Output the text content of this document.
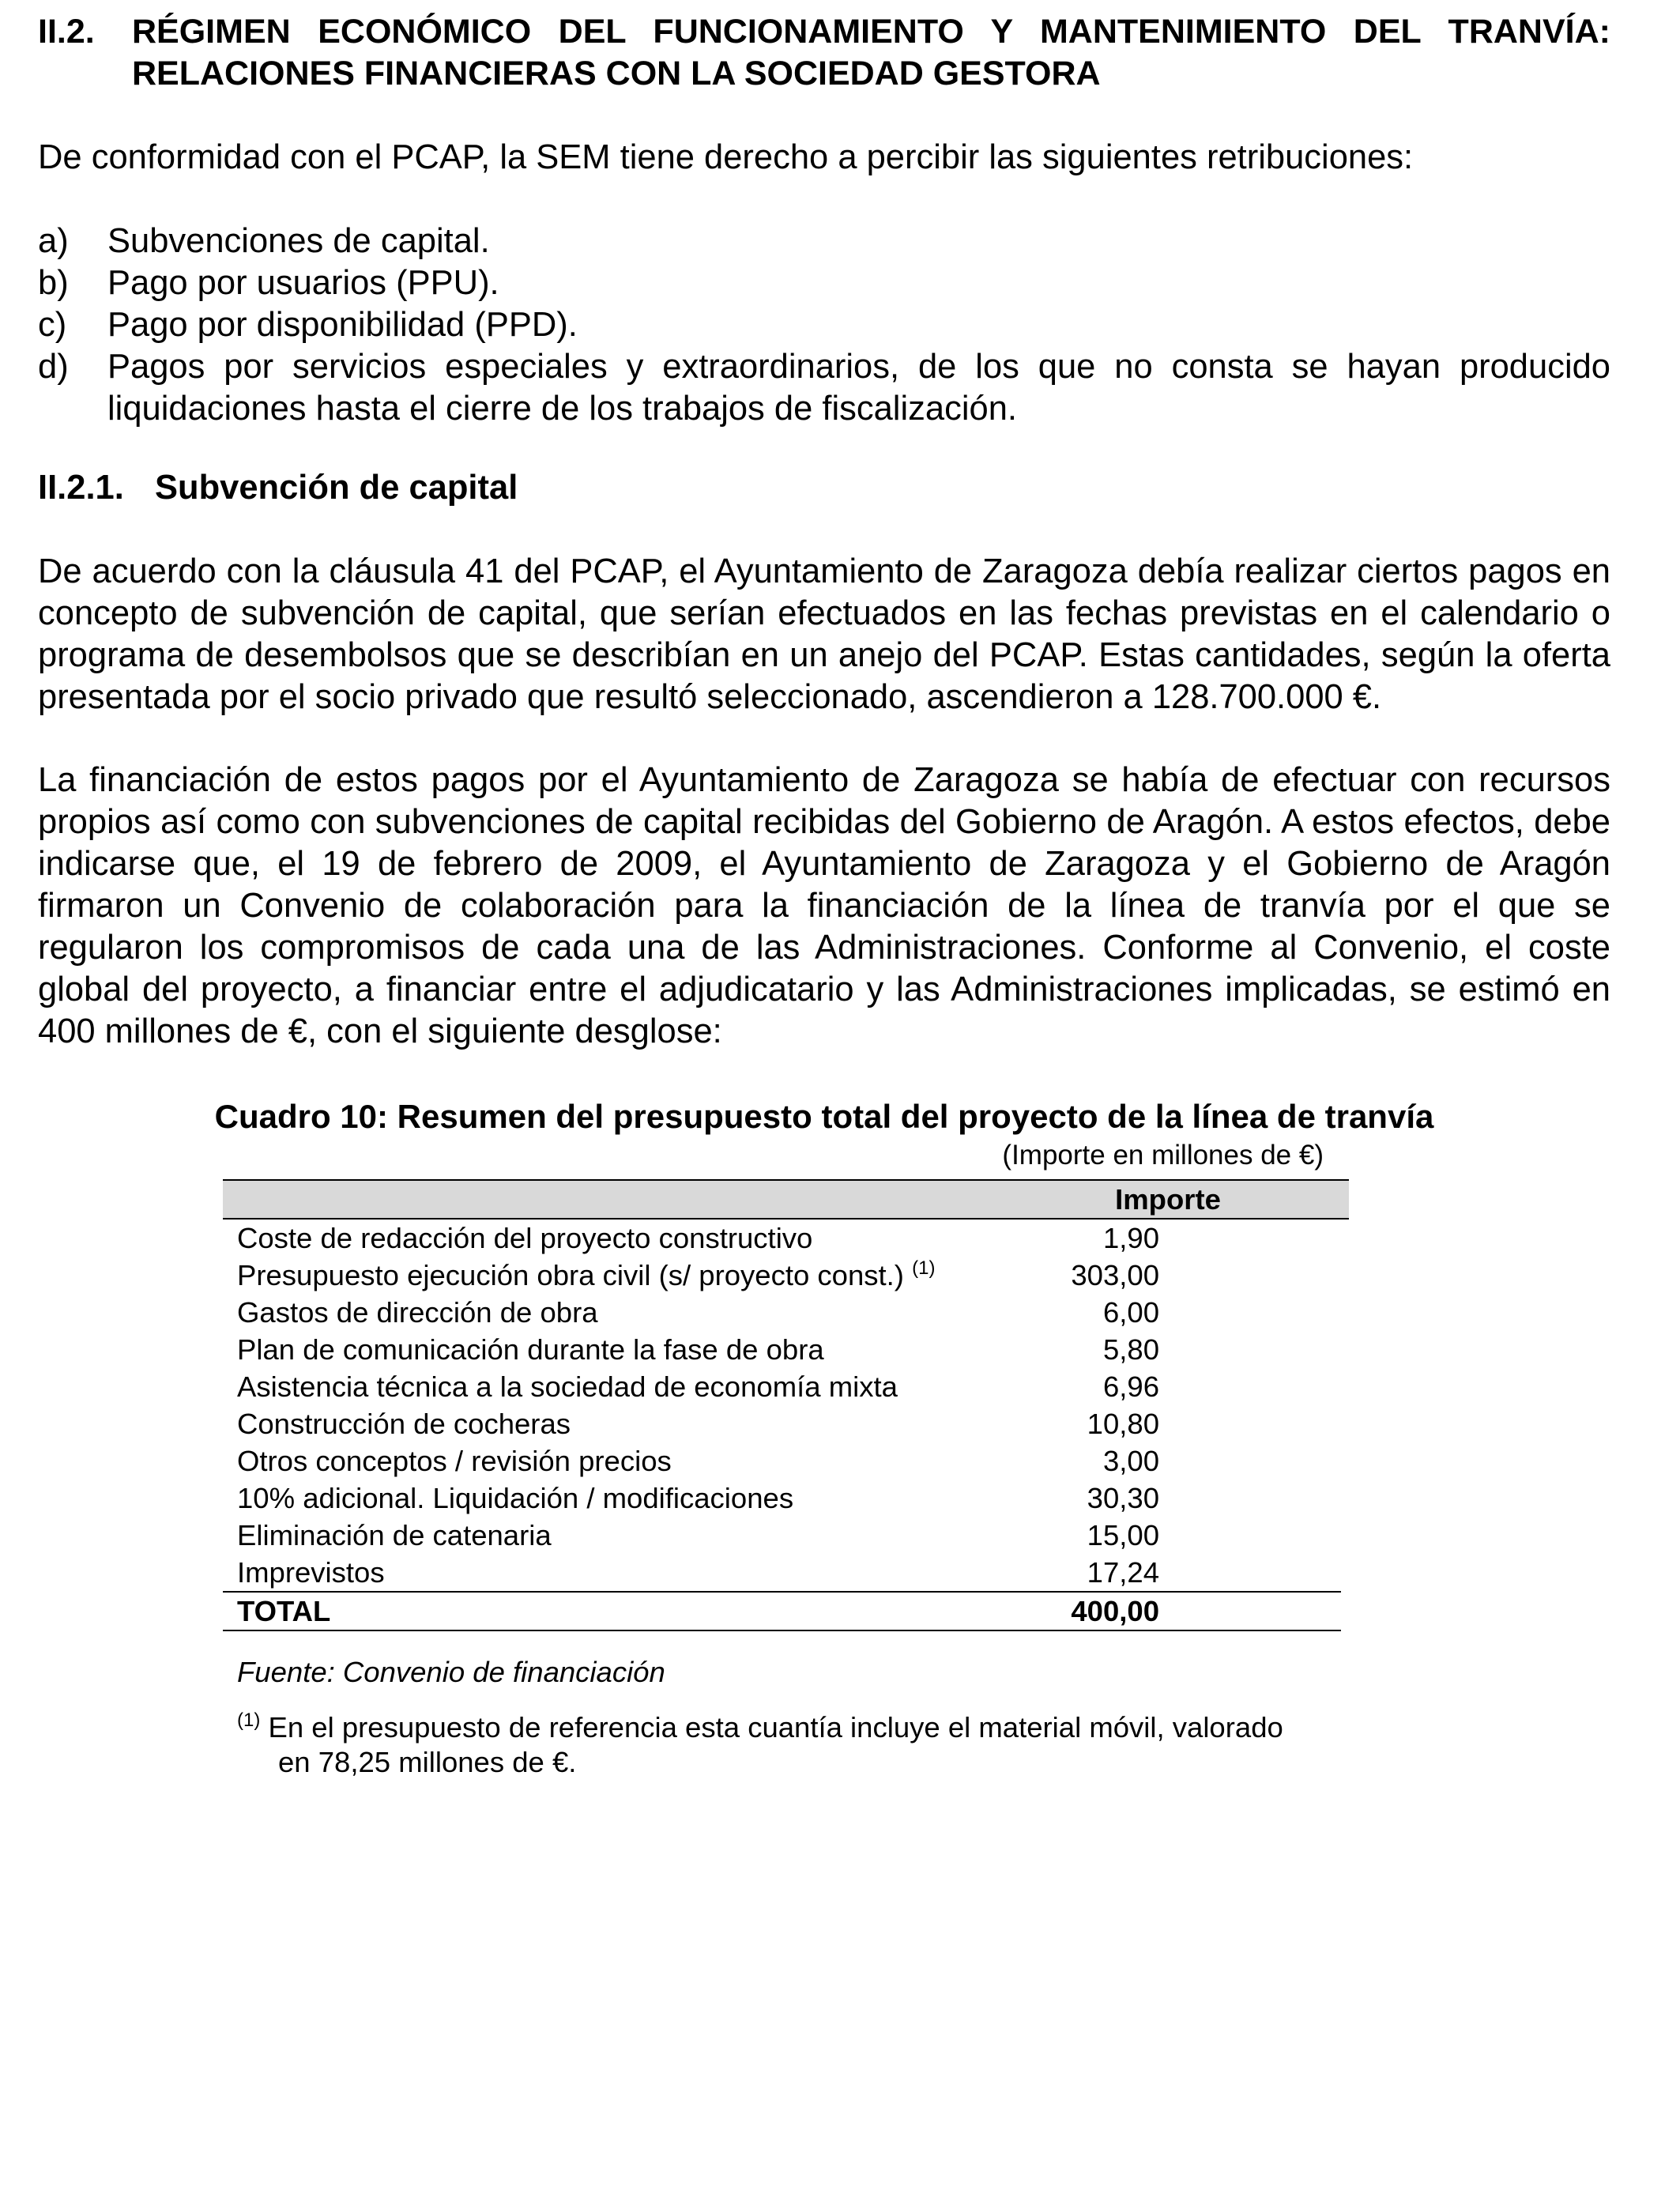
II.2.	RÉGIMEN ECONÓMICO DEL FUNCIONAMIENTO Y MANTENIMIENTO DEL TRANVÍA: RELACIONES FINANCIERAS CON LA SOCIEDAD GESTORA

De conformidad con el PCAP, la SEM tiene derecho a percibir las siguientes retribuciones:

a)	Subvenciones de capital.
b)	Pago por usuarios (PPU).
c)	Pago por disponibilidad (PPD).
d)	Pagos por servicios especiales y extraordinarios, de los que no consta se hayan producido liquidaciones hasta el cierre de los trabajos de fiscalización.
II.2.1. Subvención de capital

De acuerdo con la cláusula 41 del PCAP, el Ayuntamiento de Zaragoza debía realizar ciertos pagos en concepto de subvención de capital, que serían efectuados en las fechas previstas en el calendario o programa de desembolsos que se describían en un anejo del PCAP. Estas cantidades, según la oferta presentada por el socio privado que resultó seleccionado, ascendieron a 128.700.000 €.

La financiación de estos pagos por el Ayuntamiento de Zaragoza se había de efectuar con recursos propios así como con subvenciones de capital recibidas del Gobierno de Aragón. A estos efectos, debe indicarse que, el 19 de febrero de 2009, el Ayuntamiento de Zaragoza y el Gobierno de Aragón firmaron un Convenio de colaboración para la financiación de la línea de tranvía por el que se regularon los compromisos de cada una de las Administraciones. Conforme al Convenio, el coste global del proyecto, a financiar entre el adjudicatario y las Administraciones implicadas, se estimó en 400 millones de €, con el siguiente desglose:

Cuadro 10: Resumen del presupuesto total del proyecto de la línea de tranvía
(Importe en millones de €)
Importe
Coste de redacción del proyecto constructivo	1,90
Presupuesto ejecución obra civil (s/ proyecto const.) $^{(1)}$	303,00
Gastos de dirección de obra	6,00
Plan de comunicación durante la fase de obra	5,80
Asistencia técnica a la sociedad de economía mixta	6,96
Construcción de cocheras	10,80
Otros conceptos / revisión precios	3,00
10% adicional. Liquidación / modificaciones	30,30
Eliminación de catenaria	15,00
Imprevistos	17,24
TOTAL	400,00
Fuente: Convenio de financiación
$^{(1)}$ En el presupuesto de referencia esta cuantía incluye el material móvil, valorado
en 78,25 millones de €.
